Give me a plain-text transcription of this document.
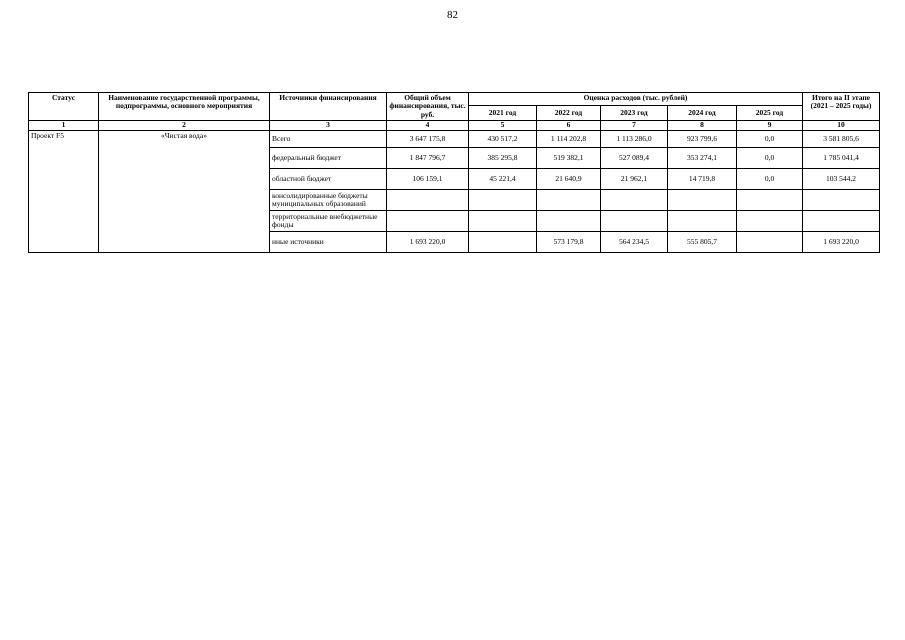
82
Статус	Наименование государственной программы, подпрограммы, основного мероприятия	Источники финансирования	Общий объем финансирования, тыс. руб.	Оценка расходов (тыс. рублей)					Итого на II этапе (2021 – 2025 годы)
				2021 год	2022 год	2023 год	2024 год	2025 год	
1	2	3	4	5	6	7	8	9	10
Проект F5	«Чистая вода»	Всего	3 647 175,8	430 517,2	1 114 202,8	1 113 286,0	923 799,6	0,0	3 581 805,6
		федеральный бюджет	1 847 796,7	385 295,8	519 382,1	527 089,4	353 274,1	0,0	1 785 041,4
		областной бюджет	106 159,1	45 221,4	21 640,9	21 962,1	14 719,8	0,0	103 544,2
		консолидированные бюджеты муниципальных образований							
		территориальные внебюджетные фонды							
		иные источники	1 693 220,0		573 179,8	564 234,5	555 805,7		1 693 220,0
